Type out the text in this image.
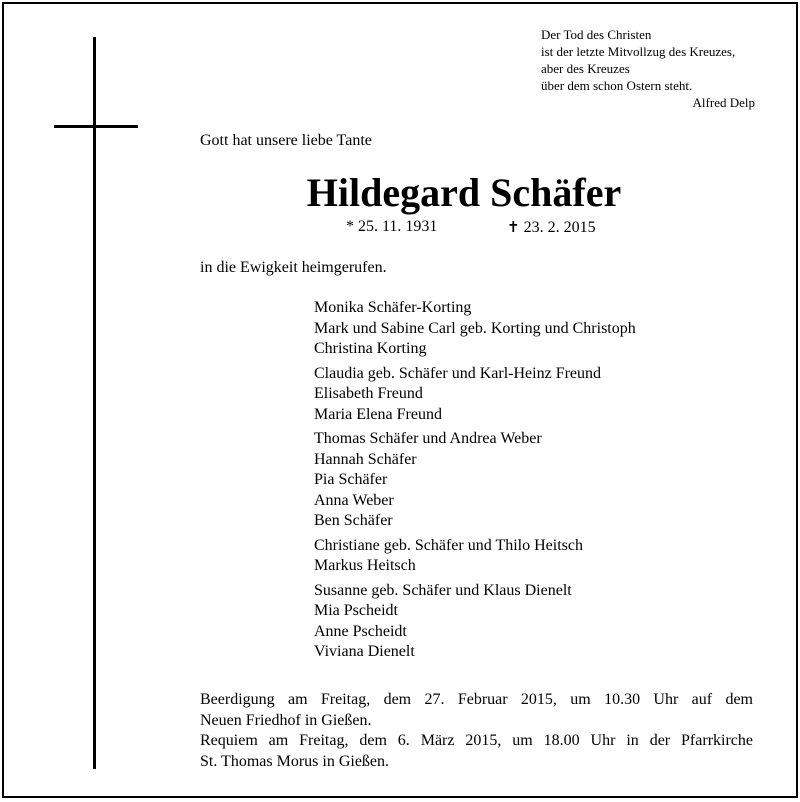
Der Tod des Christen
ist der letzte Mitvollzug des Kreuzes,
aber des Kreuzes
über dem schon Ostern steht.
Alfred Delp
Gott hat unsere liebe Tante
Hildegard Schäfer
* 25. 11. 1931	✝ 23. 2. 2015
in die Ewigkeit heimgerufen.
Monika Schäfer-Korting
Mark und Sabine Carl geb. Korting und Christoph
Christina Korting
Claudia geb. Schäfer und Karl-Heinz Freund
Elisabeth Freund
Maria Elena Freund
Thomas Schäfer und Andrea Weber
Hannah Schäfer
Pia Schäfer
Anna Weber
Ben Schäfer
Christiane geb. Schäfer und Thilo Heitsch
Markus Heitsch
Susanne geb. Schäfer und Klaus Dienelt
Mia Pscheidt
Anne Pscheidt
Viviana Dienelt
Beerdigung am Freitag, dem 27. Februar 2015, um 10.30 Uhr auf dem
Neuen Friedhof in Gießen.
Requiem am Freitag, dem 6. März 2015, um 18.00 Uhr in der Pfarrkirche
St. Thomas Morus in Gießen.
